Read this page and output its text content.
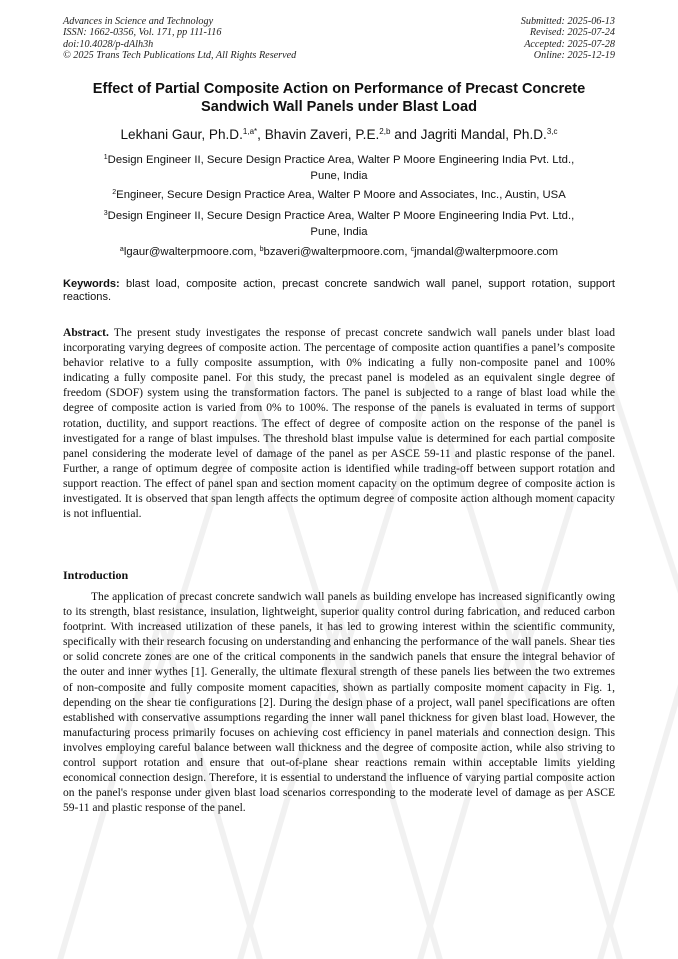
Advances in Science and Technology
ISSN: 1662-0356, Vol. 171, pp 111-116
doi:10.4028/p-dAlh3h
© 2025 Trans Tech Publications Ltd, All Rights Reserved
Submitted: 2025-06-13
Revised: 2025-07-24
Accepted: 2025-07-28
Online: 2025-12-19
Effect of Partial Composite Action on Performance of Precast Concrete
Sandwich Wall Panels under Blast Load
Lekhani Gaur, Ph.D.$^{1,a*}$, Bhavin Zaveri, P.E.$^{2,b}$ and Jagriti Mandal, Ph.D.$^{3,c}$
$^1$Design Engineer II, Secure Design Practice Area, Walter P Moore Engineering India Pvt. Ltd.,
Pune, India
$^2$Engineer, Secure Design Practice Area, Walter P Moore and Associates, Inc., Austin, USA
$^3$Design Engineer II, Secure Design Practice Area, Walter P Moore Engineering India Pvt. Ltd.,
Pune, India
$^a$lgaur@walterpmoore.com, $^b$bzaveri@walterpmoore.com, $^c$jmandal@walterpmoore.com
Keywords: blast load, composite action, precast concrete sandwich wall panel, support rotation, support reactions.

Abstract. The present study investigates the response of precast concrete sandwich wall panels under blast load incorporating varying degrees of composite action. The percentage of composite action quantifies a panel’s composite behavior relative to a fully composite assumption, with 0% indicating a fully non-composite panel and 100% indicating a fully composite panel. For this study, the precast panel is modeled as an equivalent single degree of freedom (SDOF) system using the transformation factors. The panel is subjected to a range of blast load while the degree of composite action is varied from 0% to 100%. The response of the panels is evaluated in terms of support rotation, ductility, and support reactions. The effect of degree of composite action on the response of the panel is investigated for a range of blast impulses. The threshold blast impulse value is determined for each partial composite panel considering the moderate level of damage of the panel as per ASCE 59-11 and plastic response of the panel. Further, a range of optimum degree of composite action is identified while trading-off between support rotation and support reaction. The effect of panel span and section moment capacity on the optimum degree of composite action is investigated. It is observed that span length affects the optimum degree of composite action although moment capacity is not influential.

Introduction

The application of precast concrete sandwich wall panels as building envelope has increased significantly owing to its strength, blast resistance, insulation, lightweight, superior quality control during fabrication, and reduced carbon footprint. With increased utilization of these panels, it has led to growing interest within the scientific community, specifically with their research focusing on understanding and enhancing the performance of the wall panels. Shear ties or solid concrete zones are one of the critical components in the sandwich panels that ensure the integral behavior of the outer and inner wythes [1]. Generally, the ultimate flexural strength of these panels lies between the two extremes of non-composite and fully composite moment capacities, shown as partially composite moment capacity in Fig. 1, depending on the shear tie configurations [2]. During the design phase of a project, wall panel specifications are often established with conservative assumptions regarding the inner wall panel thickness for given blast load. However, the manufacturing process primarily focuses on achieving cost efficiency in panel materials and connection design. This involves employing careful balance between wall thickness and the degree of composite action, while also striving to control support rotation and ensure that out-of-plane shear reactions remain within acceptable limits yielding economical connection design. Therefore, it is essential to understand the influence of varying partial composite action on the panel's response under given blast load scenarios corresponding to the moderate level of damage as per ASCE 59-11 and plastic response of the panel.
